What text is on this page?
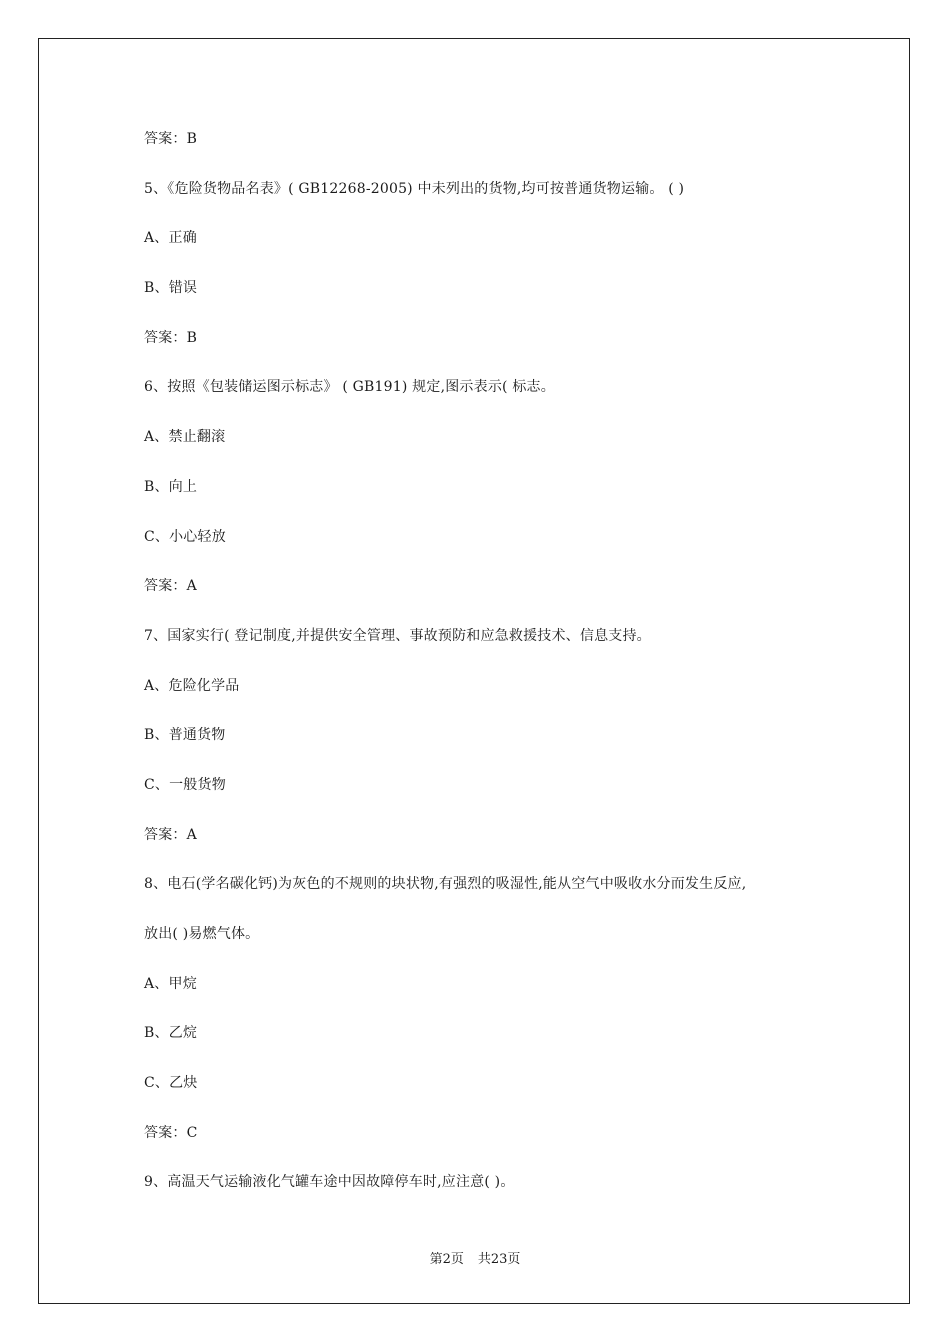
答案：B
5、《危险货物品名表》( GB12268-2005) 中未列出的货物,均可按普通货物运输。 ( )
A、正确
B、错误
答案：B
6、按照《包装储运图示标志》 ( GB191) 规定,图示表示( 标志。
A、禁止翻滚
B、向上
C、小心轻放
答案：A
7、国家实行( 登记制度,并提供安全管理、事故预防和应急救援技术、信息支持。
A、危险化学品
B、普通货物
C、一般货物
答案：A
8、电石(学名碳化钙)为灰色的不规则的块状物,有强烈的吸湿性,能从空气中吸收水分而发生反应,
放出( )易燃气体。
A、甲烷
B、乙烷
C、乙炔
答案：C
9、高温天气运输液化气罐车途中因故障停车时,应注意( )。
第2页 共23页
